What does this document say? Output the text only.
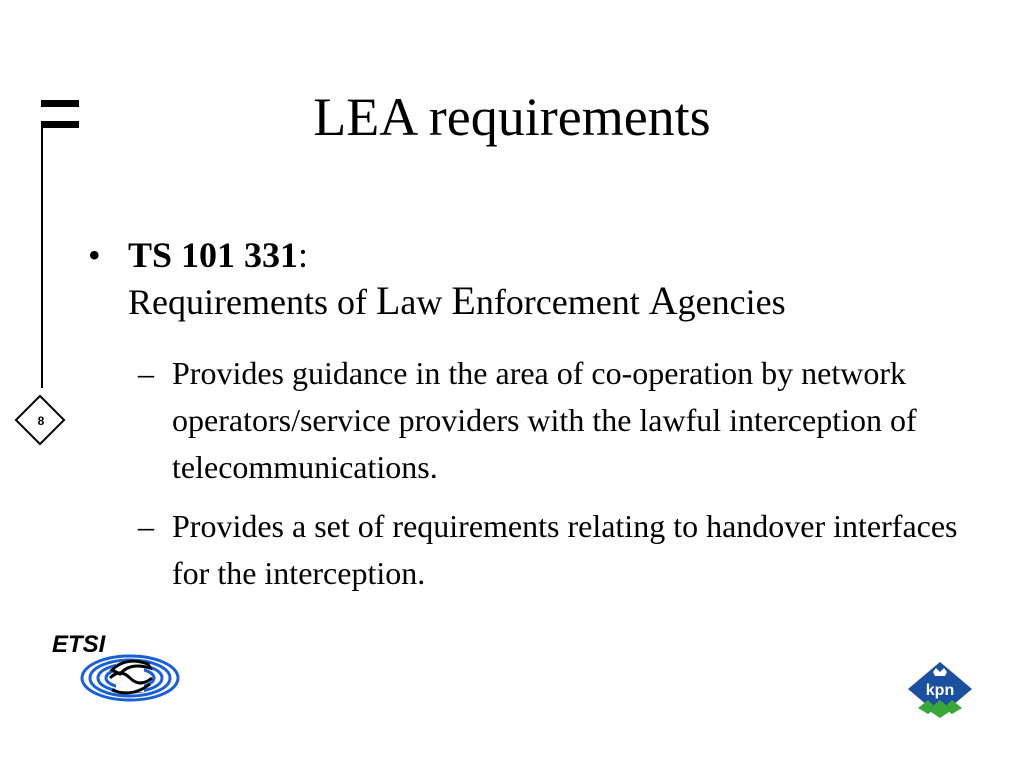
8
LEA requirements
• TS 101 331:
Requirements of Law Enforcement Agencies
– Provides guidance in the area of co-operation by network operators/service providers with the lawful interception of telecommunications.
– Provides a set of requirements relating to handover interfaces for the interception.
ETSI
kpn
